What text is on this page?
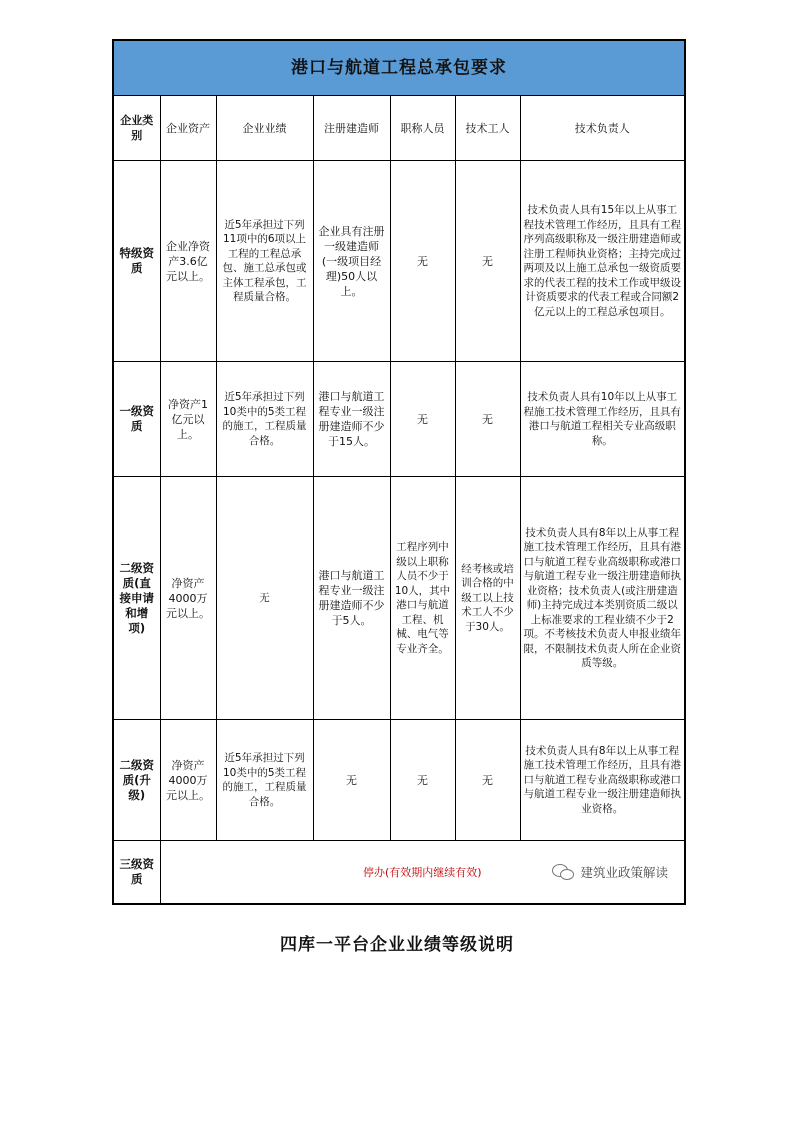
港口与航道工程总承包要求						
企业类别	企业资产	企业业绩	注册建造师	职称人员	技术工人	技术负责人
特级资质	企业净资产3.6亿元以上。	近5年承担过下列11项中的6项以上工程的工程总承包、施工总承包或主体工程承包，工程质量合格。	企业具有注册一级建造师(一级项目经理)50人以上。	无	无	技术负责人具有15年以上从事工程技术管理工作经历，且具有工程序列高级职称及一级注册建造师或注册工程师执业资格；主持完成过两项及以上施工总承包一级资质要求的代表工程的技术工作或甲级设计资质要求的代表工程或合同额2亿元以上的工程总承包项目。
一级资质	净资产1亿元以上。	近5年承担过下列10类中的5类工程的施工，工程质量合格。	港口与航道工程专业一级注册建造师不少于15人。	无	无	技术负责人具有10年以上从事工程施工技术管理工作经历，且具有港口与航道工程相关专业高级职称。
二级资质(直接申请和增项)	净资产4000万元以上。	无	港口与航道工程专业一级注册建造师不少于5人。	工程序列中级以上职称人员不少于10人，其中港口与航道工程、机械、电气等专业齐全。	经考核或培训合格的中级工以上技术工人不少于30人。	技术负责人具有8年以上从事工程施工技术管理工作经历，且具有港口与航道工程专业高级职称或港口与航道工程专业一级注册建造师执业资格；技术负责人(或注册建造师)主持完成过本类别资质二级以上标准要求的工程业绩不少于2项。不考核技术负责人申报业绩年限，不限制技术负责人所在企业资质等级。
二级资质(升级)	净资产4000万元以上。	近5年承担过下列10类中的5类工程的施工，工程质量合格。	无	无	无	技术负责人具有8年以上从事工程施工技术管理工作经历，且具有港口与航道工程专业高级职称或港口与航道工程专业一级注册建造师执业资格。
三级资质	停办(有效期内继续有效) 建筑业政策解读					
四库一平台企业业绩等级说明
